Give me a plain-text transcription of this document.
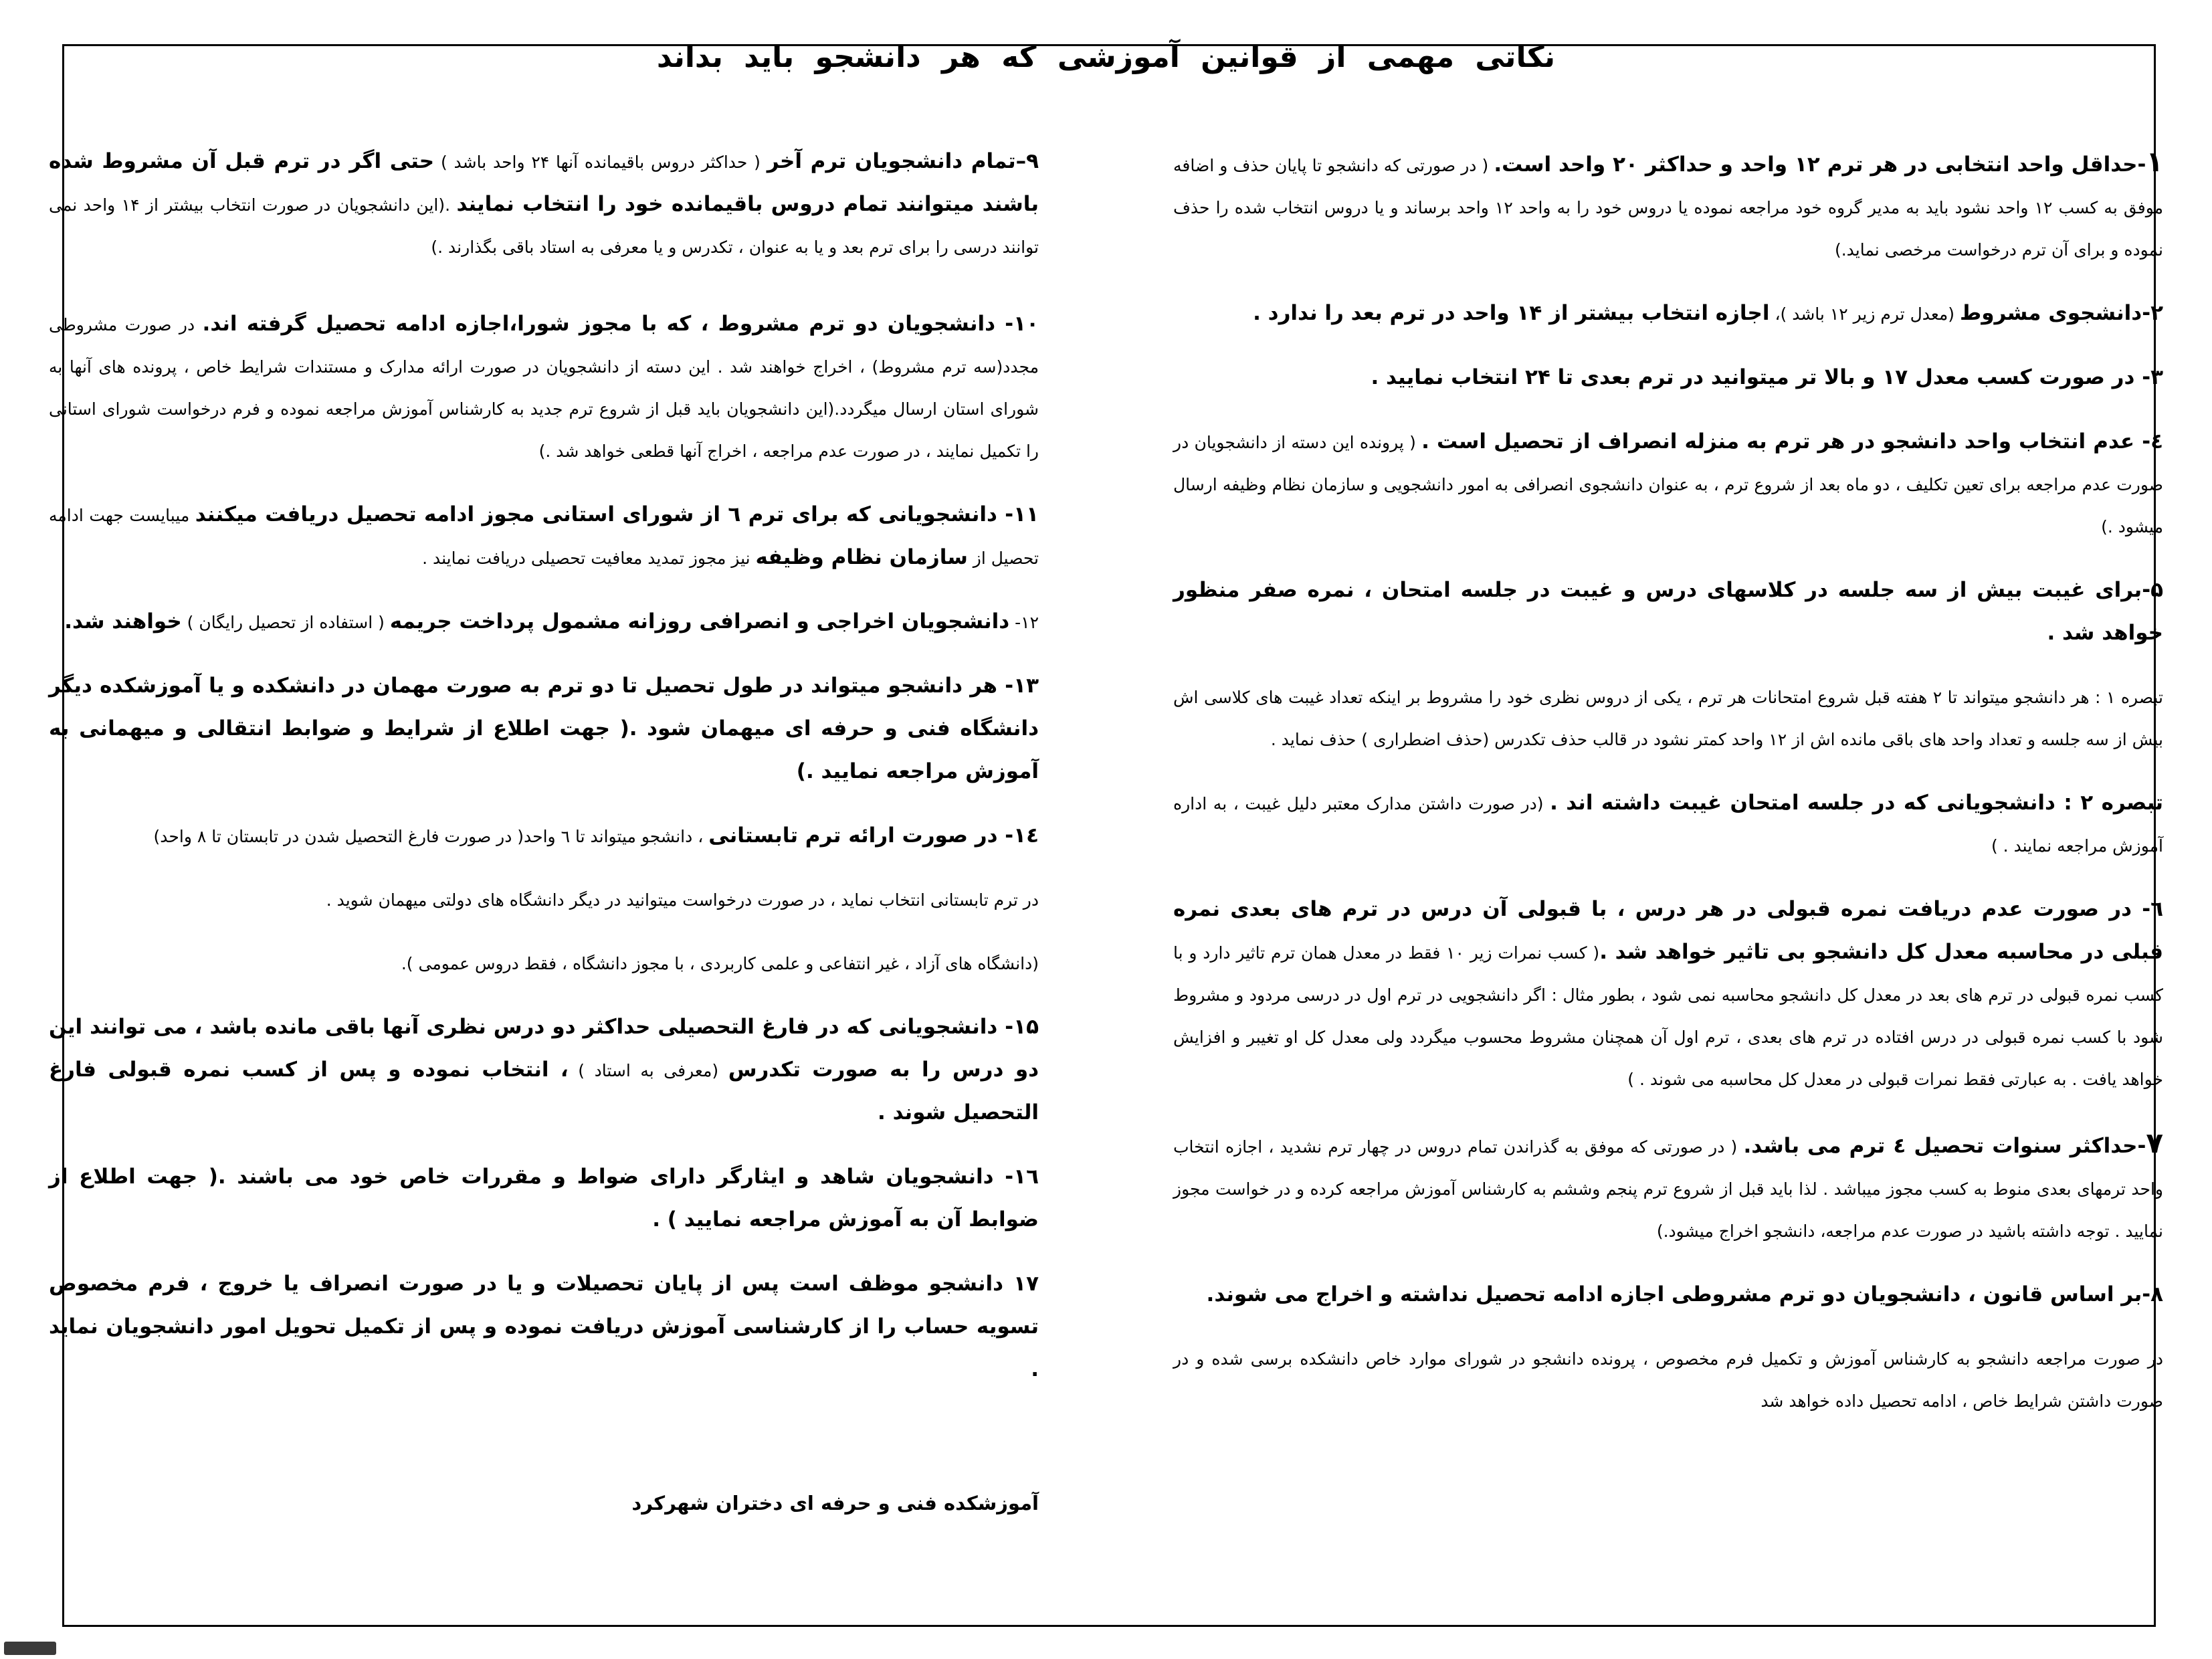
نکاتی مهمی از قوانین آموزشی که هر دانشجو باید بداند

۱-حداقل واحد انتخابی در هر ترم ۱۲ واحد و حداکثر ۲۰ واحد است. ( در صورتی که دانشجو تا پایان حذف و اضافه موفق به کسب ۱۲ واحد نشود باید به مدیر گروه خود مراجعه نموده یا دروس خود را به واحد ۱۲ واحد برساند و یا دروس انتخاب شده را حذف نموده و برای آن ترم درخواست مرخصی نماید.)

۲-دانشجوی مشروط (معدل ترم زیر ۱۲ باشد )، اجازه انتخاب بیشتر از ۱۴ واحد در ترم بعد را ندارد .

۳- در صورت کسب معدل ۱۷ و بالا تر میتوانید در ترم بعدی تا ۲۴ انتخاب نمایید .

٤- عدم انتخاب واحد دانشجو در هر ترم به منزله انصراف از تحصیل است . ( پرونده این دسته از دانشجویان در صورت عدم مراجعه برای تعین تکلیف ، دو ماه بعد از شروع ترم ، به عنوان دانشجوی انصرافی به امور دانشجویی و سازمان نظام وظیفه ارسال میشود .)

۵-برای غیبت بیش از سه جلسه در کلاسهای درس و غیبت در جلسه امتحان ، نمره صفر منظور خواهد شد .

تبصره ۱ : هر دانشجو میتواند تا ۲ هفته قبل شروع امتحانات هر ترم ، یکی از دروس نظری خود را مشروط بر اینکه تعداد غیبت های کلاسی اش بیش از سه جلسه و تعداد واحد های باقی مانده اش از ۱۲ واحد کمتر نشود در قالب حذف تکدرس (حذف اضطراری ) حذف نماید .

تبصره ۲ : دانشجویانی که در جلسه امتحان غیبت داشته اند . (در صورت داشتن مدارک معتبر دلیل غیبت ، به اداره آموزش مراجعه نمایند . )

٦- در صورت عدم دریافت نمره قبولی در هر درس ، با قبولی آن درس در ترم های بعدی نمره قبلی در محاسبه معدل کل دانشجو بی تاثیر خواهد شد .( کسب نمرات زیر ۱۰ فقط در معدل همان ترم تاثیر دارد و با کسب نمره قبولی در ترم های بعد در معدل کل دانشجو محاسبه نمی شود ، بطور مثال : اگر دانشجویی در ترم اول در درسی مردود و مشروط شود با کسب نمره قبولی در درس افتاده در ترم های بعدی ، ترم اول آن همچنان مشروط محسوب میگردد ولی معدل کل او تغیبر و افزایش خواهد یافت . به عبارتی فقط نمرات قبولی در معدل کل محاسبه می شوند . )

۷-حداکثر سنوات تحصیل ٤ ترم می باشد. ( در صورتی که موفق به گذراندن تمام دروس در چهار ترم نشدید ، اجازه انتخاب واحد ترمهای بعدی منوط به کسب مجوز میباشد . لذا باید قبل از شروع ترم پنجم وششم به کارشناس آموزش مراجعه کرده و در خواست مجوز نمایید . توجه داشته باشید در صورت عدم مراجعه، دانشجو اخراج میشود.)

۸-بر اساس قانون ، دانشجویان دو ترم مشروطی اجازه ادامه تحصیل نداشته و اخراج می شوند.

در صورت مراجعه دانشجو به کارشناس آموزش و تکمیل فرم مخصوص ، پرونده دانشجو در شورای موارد خاص دانشکده برسی شده و در صورت داشتن شرایط خاص ، ادامه تحصیل داده خواهد شد

۹–تمام دانشجویان ترم آخر ( حداکثر دروس باقیمانده آنها ۲۴ واحد باشد ) حتی اگر در ترم قبل آن مشروط شده باشند میتوانند تمام دروس باقیمانده خود را انتخاب نمایند .(این دانشجویان در صورت انتخاب بیشتر از ۱۴ واحد نمی توانند درسی را برای ترم بعد و یا به عنوان ، تکدرس و یا معرفی به استاد باقی بگذارند .)

۱۰- دانشجویان دو ترم مشروط ، که با مجوز شورا،اجازه ادامه تحصیل گرفته اند. در صورت مشروطی مجدد(سه ترم مشروط) ، اخراج خواهند شد . این دسته از دانشجویان در صورت ارائه مدارک و مستندات شرایط خاص ، پرونده های آنها به شورای استان ارسال میگردد.(این دانشجویان باید قبل از شروع ترم جدید به کارشناس آموزش مراجعه نموده و فرم درخواست شورای استانی را تکمیل نمایند ، در صورت عدم مراجعه ، اخراج آنها قطعی خواهد شد .)

۱۱- دانشجویانی که برای ترم ٦ از شورای استانی مجوز ادامه تحصیل دریافت میکنند میبایست جهت ادامه تحصیل از سازمان نظام وظیفه نیز مجوز تمدید معافیت تحصیلی دریافت نمایند .

۱۲- دانشجویان اخراجی و انصرافی روزانه مشمول پرداخت جریمه ( استفاده از تحصیل رایگان ) خواهند شد.

۱۳- هر دانشجو میتواند در طول تحصیل تا دو ترم به صورت مهمان در دانشکده و یا آموزشکده دیگر دانشگاه فنی و حرفه ای میهمان شود .( جهت اطلاع از شرایط و ضوابط انتقالی و میهمانی به آموزش مراجعه نمایید .)

۱٤- در صورت ارائه ترم تابستانی ، دانشجو میتواند تا ٦ واحد( در صورت فارغ التحصیل شدن در تابستان تا ۸ واحد)

در ترم تابستانی انتخاب نماید ، در صورت درخواست میتوانید در دیگر دانشگاه های دولتی میهمان شوید .

(دانشگاه های آزاد ، غیر انتفاعی و علمی کاربردی ، با مجوز دانشگاه ، فقط دروس عمومی ).

۱۵- دانشجویانی که در فارغ التحصیلی حداکثر دو درس نظری آنها باقی مانده باشد ، می توانند این دو درس را به صورت تکدرس (معرفی به استاد ) ، انتخاب نموده و پس از کسب نمره قبولی فارغ التحصیل شوند .

۱٦- دانشجویان شاهد و ایثارگر دارای ضواط و مقررات خاص خود می باشند .( جهت اطلاع از ضوابط آن به آموزش مراجعه نمایید ) .

۱۷ دانشجو موظف است پس از پایان تحصیلات و یا در صورت انصراف یا خروج ، فرم مخصوص تسویه حساب را از کارشناسی آموزش دریافت نموده و پس از تکمیل تحویل امور دانشجویان نماید .

آموزشکده فنی و حرفه ای دختران شهرکرد
